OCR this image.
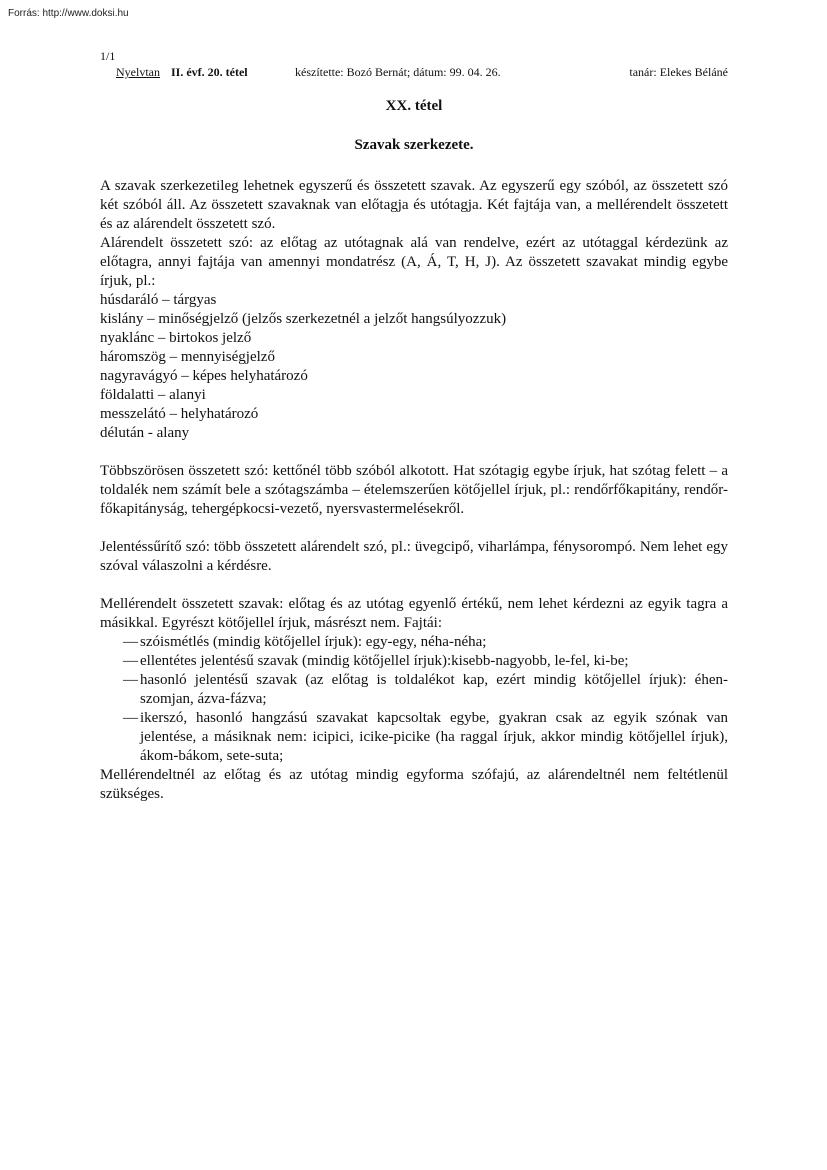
Forrás: http://www.doksi.hu
1/1
Nyelvtan II. évf. 20. tétel	készítette: Bozó Bernát; dátum: 99. 04. 26.	tanár: Elekes Béláné
XX. tétel
Szavak szerkezete.

A szavak szerkezetileg lehetnek egyszerű és összetett szavak. Az egyszerű egy szóból, az összetett szó két szóból áll. Az összetett szavaknak van előtagja és utótagja. Két fajtája van, a mellérendelt összetett és az alárendelt összetett szó.

Alárendelt összetett szó: az előtag az utótagnak alá van rendelve, ezért az utótaggal kérdezünk az előtagra, annyi fajtája van amennyi mondatrész (A, Á, T, H, J). Az összetett szavakat mindig egybe írjuk, pl.:

húsdaráló – tárgyas
kislány – minőségjelző (jelzős szerkezetnél a jelzőt hangsúlyozzuk)
nyaklánc – birtokos jelző
háromszög – mennyiségjelző
nagyravágyó – képes helyhatározó
földalatti – alanyi
messzelátó – helyhatározó
délután - alany

Többszörösen összetett szó: kettőnél több szóból alkotott. Hat szótagig egybe írjuk, hat szótag felett – a toldalék nem számít bele a szótagszámba – ételemszerűen kötőjellel írjuk, pl.: rendőrfőkapitány, rendőr-főkapitányság, tehergépkocsi-vezető, nyersvastermelésekről.

Jelentéssűrítő szó: több összetett alárendelt szó, pl.: üvegcipő, viharlámpa, fénysorompó. Nem lehet egy szóval válaszolni a kérdésre.

Mellérendelt összetett szavak: előtag és az utótag egyenlő értékű, nem lehet kérdezni az egyik tagra a másikkal. Egyrészt kötőjellel írjuk, másrészt nem. Fajtái:

— szóismétlés (mindig kötőjellel írjuk): egy-egy, néha-néha;
— ellentétes jelentésű szavak (mindig kötőjellel írjuk):kisebb-nagyobb, le-fel, ki-be;
— hasonló jelentésű szavak (az előtag is toldalékot kap, ezért mindig kötőjellel írjuk): éhen-szomjan, ázva-fázva;
— ikerszó, hasonló hangzású szavakat kapcsoltak egybe, gyakran csak az egyik szónak van jelentése, a másiknak nem: icipici, icike-picike (ha raggal írjuk, akkor mindig kötőjellel írjuk), ákom-bákom, sete-suta;

Mellérendeltnél az előtag és az utótag mindig egyforma szófajú, az alárendeltnél nem feltétlenül szükséges.
